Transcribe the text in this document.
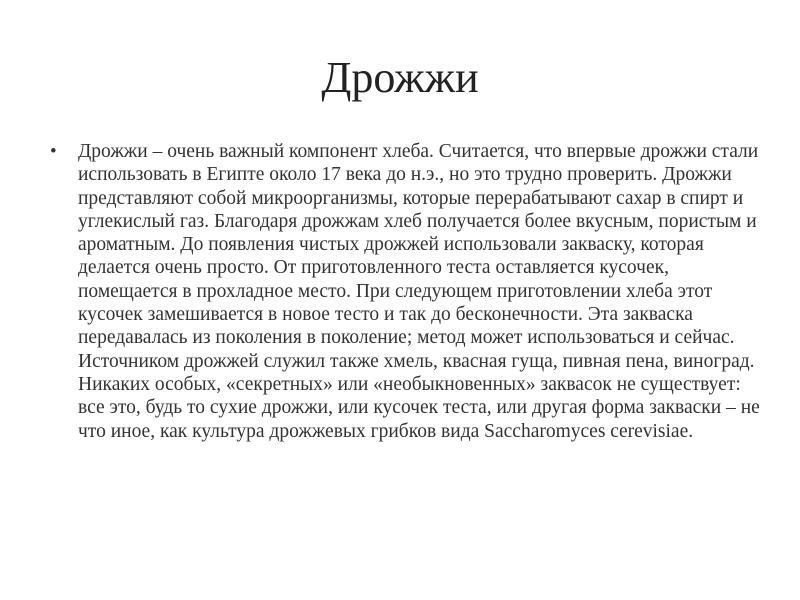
Дрожжи
• Дрожжи – очень важный компонент хлеба. Считается, что впервые дрожжи стали использовать в Египте около 17 века до н.э., но это трудно проверить. Дрожжи представляют собой микроорганизмы, которые перерабатывают сахар в спирт и углекислый газ. Благодаря дрожжам хлеб получается более вкусным, пористым и ароматным. До появления чистых дрожжей использовали закваску, которая делается очень просто. От приготовленного теста оставляется кусочек, помещается в прохладное место. При следующем приготовлении хлеба этот кусочек замешивается в новое тесто и так до бесконечности. Эта закваска передавалась из поколения в поколение; метод может использоваться и сейчас. Источником дрожжей служил также хмель, квасная гуща, пивная пена, виноград. Никаких особых, «секретных» или «необыкновенных» заквасок не существует: все это, будь то сухие дрожжи, или кусочек теста, или другая форма закваски – не что иное, как культура дрожжевых грибков вида Saccharomyces cerevisiae.
